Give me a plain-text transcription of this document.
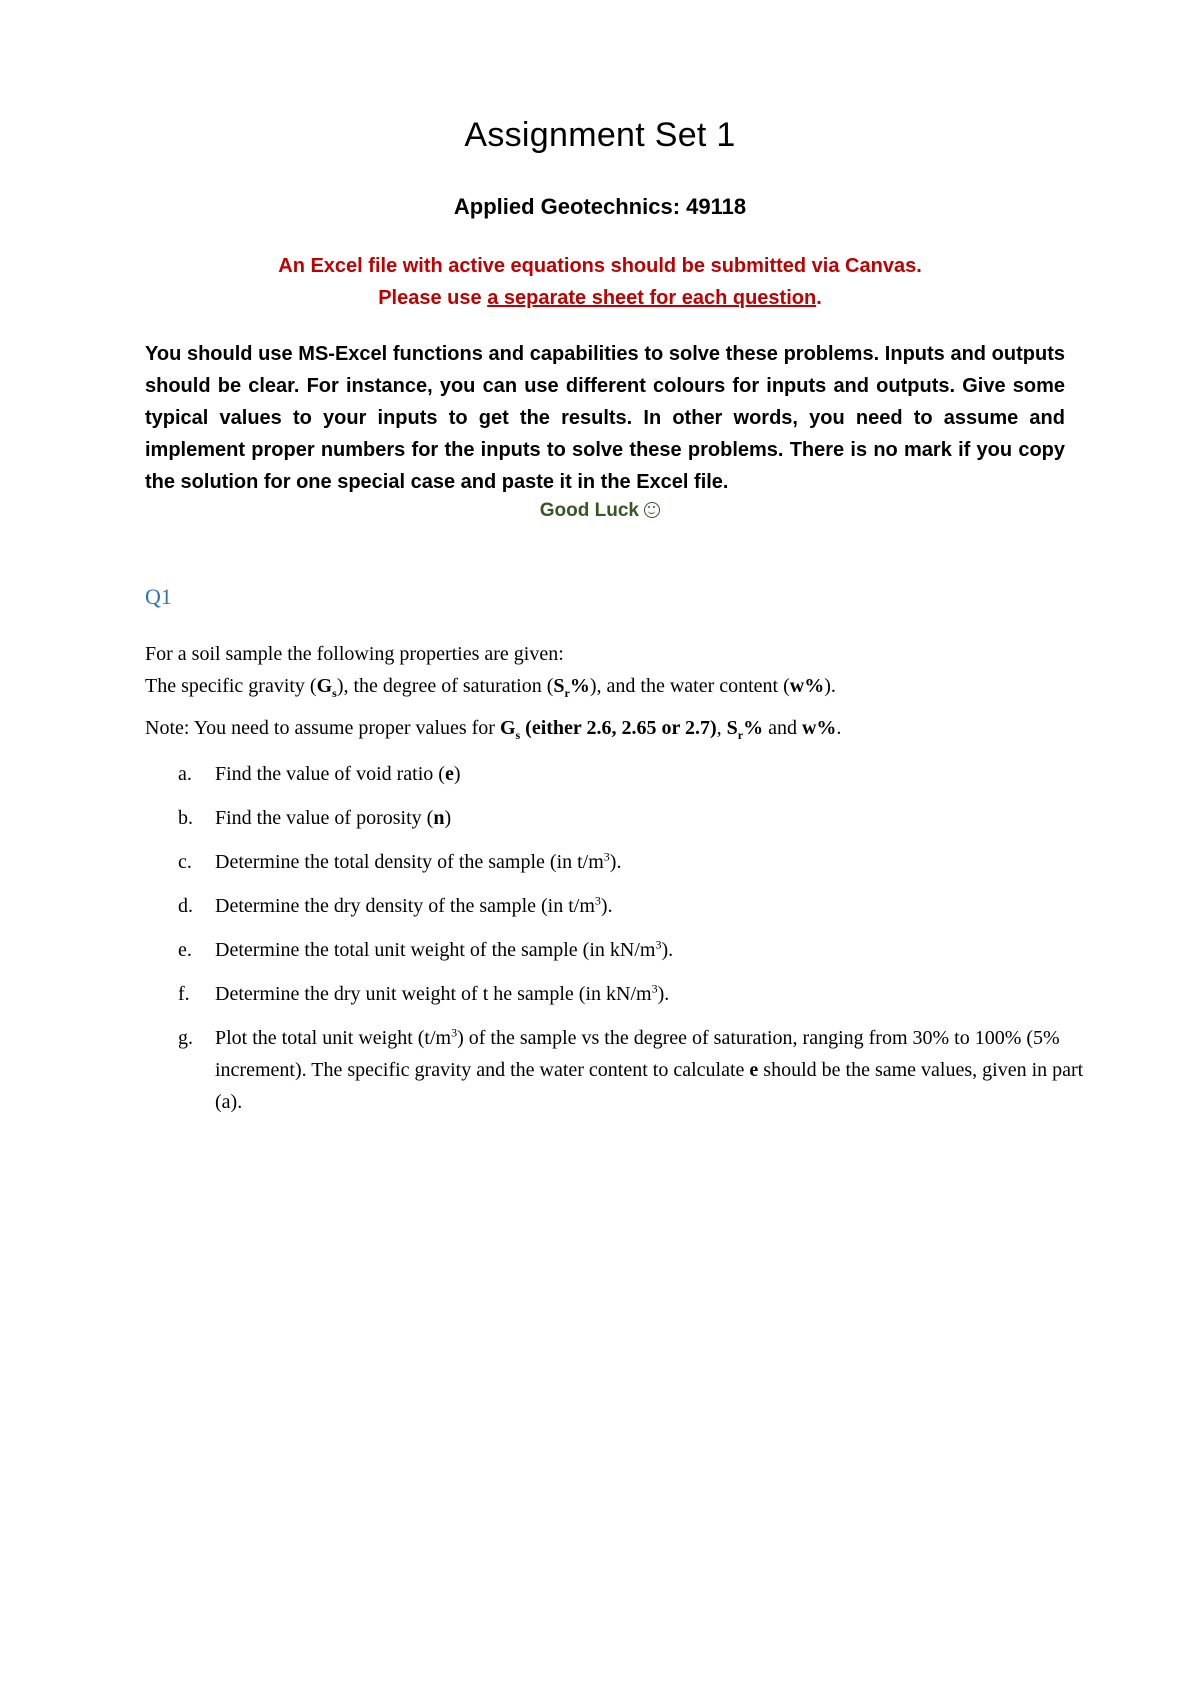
Assignment Set 1
Applied Geotechnics: 49118
An Excel file with active equations should be submitted via Canvas.
Please use a separate sheet for each question.
You should use MS-Excel functions and capabilities to solve these problems. Inputs and outputs should be clear. For instance, you can use different colours for inputs and outputs. Give some typical values to your inputs to get the results. In other words, you need to assume and implement proper numbers for the inputs to solve these problems. There is no mark if you copy the solution for one special case and paste it in the Excel file.
Good Luck
Q1
For a soil sample the following properties are given:
The specific gravity $(G_s)$, the degree of saturation $(S_r\%)$, and the water content (w%).
Note: You need to assume proper values for $G_s$ (either 2.6, 2.65 or 2.7), $S_r\%$ and w%.
a. Find the value of void ratio (e)
b. Find the value of porosity (n)
c. Determine the total density of the sample (in $t/m^3$).
d. Determine the dry density of the sample (in $t/m^3$).
e. Determine the total unit weight of the sample (in $kN/m^3$).
f. Determine the dry unit weight of t he sample (in $kN/m^3$).
g. Plot the total unit weight $(t/m^3)$ of the sample vs the degree of saturation, ranging from 30% to 100% (5% increment). The specific gravity and the water content to calculate e should be the same values, given in part (a).
